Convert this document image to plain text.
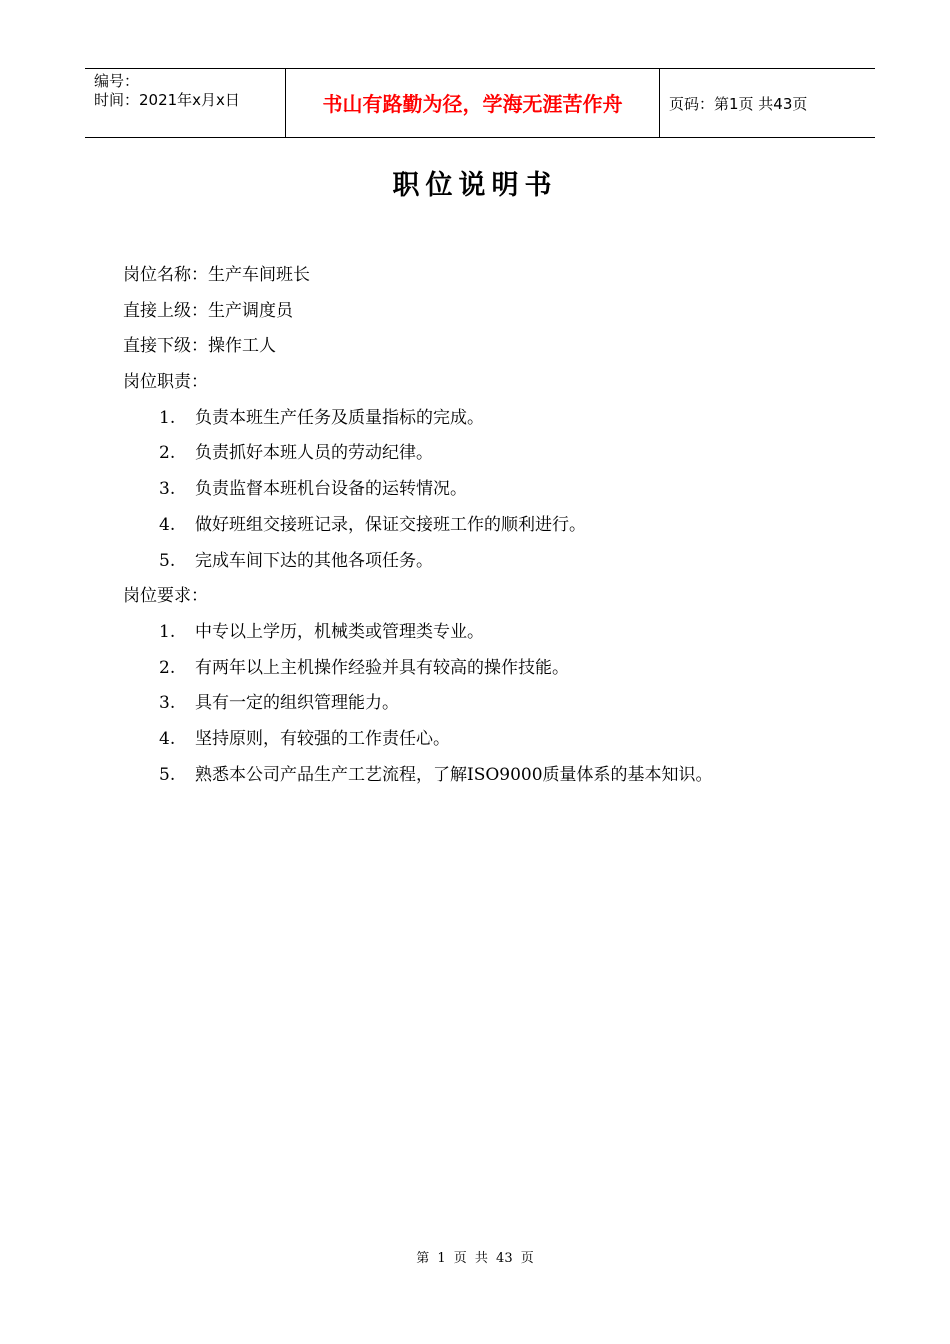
编号：
时间：2021年x月x日	书山有路勤为径，学海无涯苦作舟	页码：第1页 共43页
职位说明书
岗位名称：生产车间班长
直接上级：生产调度员
直接下级：操作工人
岗位职责：
1. 负责本班生产任务及质量指标的完成。
2. 负责抓好本班人员的劳动纪律。
3. 负责监督本班机台设备的运转情况。
4. 做好班组交接班记录，保证交接班工作的顺利进行。
5. 完成车间下达的其他各项任务。
岗位要求：
1. 中专以上学历，机械类或管理类专业。
2. 有两年以上主机操作经验并具有较高的操作技能。
3. 具有一定的组织管理能力。
4. 坚持原则，有较强的工作责任心。
5. 熟悉本公司产品生产工艺流程，了解ISO9000质量体系的基本知识。
第 1 页 共 43 页
